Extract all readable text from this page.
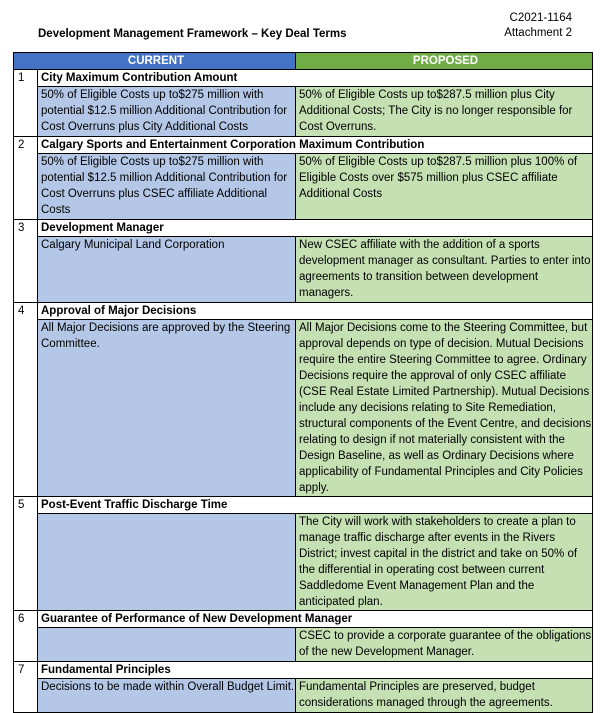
C2021-1164
Attachment 2
Development Management Framework – Key Deal Terms
CURRENT		PROPOSED
1	City Maximum Contribution Amount	
	50% of Eligible Costs up to$275 million with potential $12.5 million Additional Contribution for Cost Overruns plus City Additional Costs	50% of Eligible Costs up to$287.5 million plus City Additional Costs; The City is no longer responsible for Cost Overruns.
2	Calgary Sports and Entertainment Corporation Maximum Contribution	
	50% of Eligible Costs up to$275 million with potential $12.5 million Additional Contribution for Cost Overruns plus CSEC affiliate Additional Costs	50% of Eligible Costs up to$287.5 million plus 100% of Eligible Costs over $575 million plus CSEC affiliate Additional Costs
3	Development Manager	
	Calgary Municipal Land Corporation	New CSEC affiliate with the addition of a sports development manager as consultant. Parties to enter into agreements to transition between development managers.
4	Approval of Major Decisions	
	All Major Decisions are approved by the Steering Committee.	All Major Decisions come to the Steering Committee, but approval depends on type of decision. Mutual Decisions require the entire Steering Committee to agree. Ordinary Decisions require the approval of only CSEC affiliate (CSE Real Estate Limited Partnership). Mutual Decisions include any decisions relating to Site Remediation, structural components of the Event Centre, and decisions relating to design if not materially consistent with the Design Baseline, as well as Ordinary Decisions where applicability of Fundamental Principles and City Policies apply.
5	Post-Event Traffic Discharge Time	
		The City will work with stakeholders to create a plan to manage traffic discharge after events in the Rivers District; invest capital in the district and take on 50% of the differential in operating cost between current Saddledome Event Management Plan and the anticipated plan.
6	Guarantee of Performance of New Development Manager	
		CSEC to provide a corporate guarantee of the obligations of the new Development Manager.
7	Fundamental Principles	
	Decisions to be made within Overall Budget Limit.	Fundamental Principles are preserved, budget considerations managed through the agreements.
